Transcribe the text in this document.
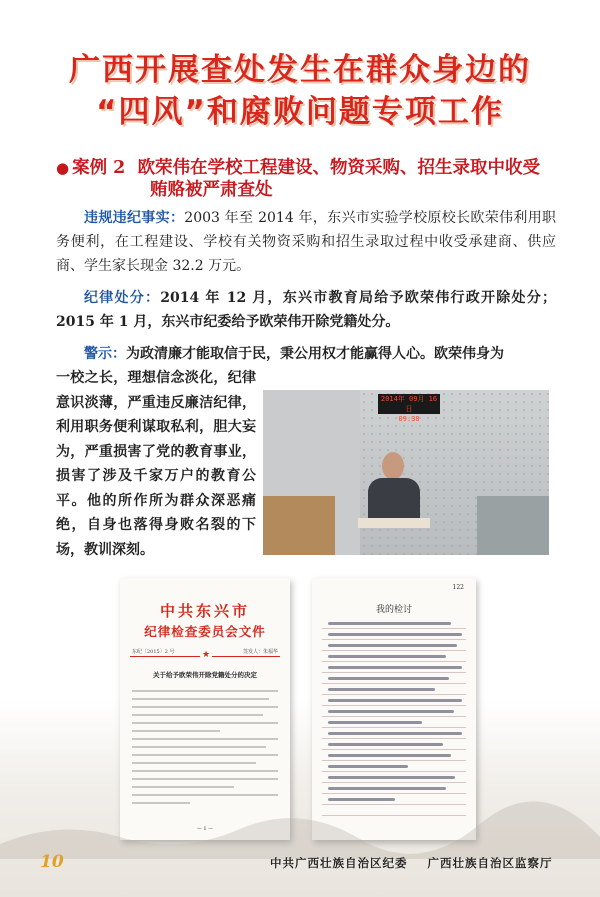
广西开展查处发生在群众身边的
“四风”和腐败问题专项工作
● 案例 2 欧荣伟在学校工程建设、物资采购、招生录取中收受
贿赂被严肃查处
违规违纪事实：2003 年至 2014 年，东兴市实验学校原校长欧荣伟利用职务便利，在工程建设、学校有关物资采购和招生录取过程中收受承建商、供应商、学生家长现金 32.2 万元。
纪律处分：2014 年 12 月，东兴市教育局给予欧荣伟行政开除处分；2015 年 1 月，东兴市纪委给予欧荣伟开除党籍处分。
警示：为政清廉才能取信于民，秉公用权才能赢得人心。欧荣伟身为
一校之长，理想信念淡化，纪律意识淡薄，严重违反廉洁纪律，利用职务便利谋取私利，胆大妄为，严重损害了党的教育事业，损害了涉及千家万户的教育公平。他的所作所为群众深恶痛绝，自身也落得身败名裂的下场，教训深刻。
2014年 09月 16日
09:38
中共东兴市
纪律检查委员会文件
东纪〔2015〕2 号	签发人：朱福华
★
关于给予欧荣伟开除党籍处分的决定
— 1 —
122
我的检讨
10	中共广西壮族自治区纪委 广西壮族自治区监察厅
